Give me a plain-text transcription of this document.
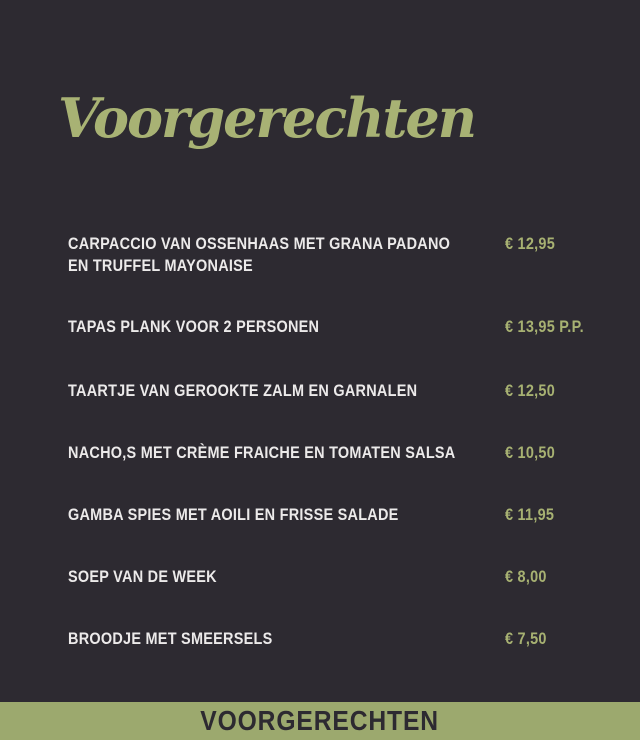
Voorgerechten
CARPACCIO VAN OSSENHAAS MET GRANA PADANO EN TRUFFEL MAYONAISE
€ 12,95
TAPAS PLANK VOOR 2 PERSONEN	€ 13,95 P.P.
TAARTJE VAN GEROOKTE ZALM EN GARNALEN	€ 12,50
NACHO,S MET CRÈME FRAICHE EN TOMATEN SALSA	€ 10,50
GAMBA SPIES MET AOILI EN FRISSE SALADE	€ 11,95
SOEP VAN DE WEEK	€ 8,00
BROODJE MET SMEERSELS	€ 7,50
VOORGERECHTEN
